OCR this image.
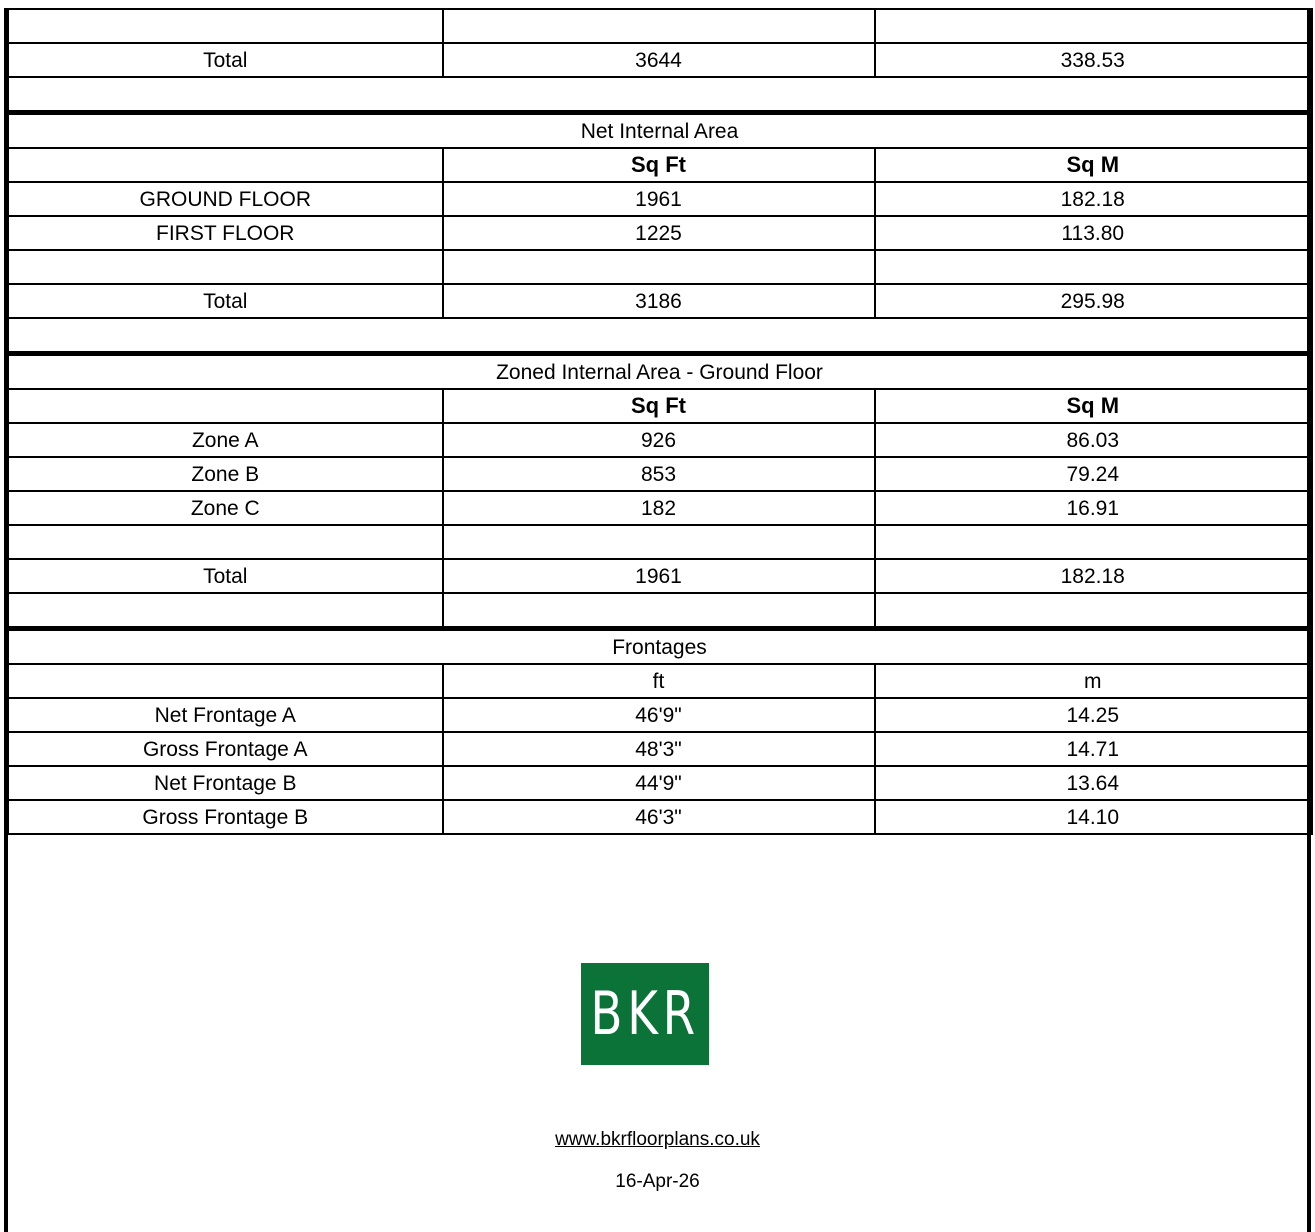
Total	3644	338.53

Net Internal Area		
	Sq Ft	Sq M
GROUND FLOOR	1961	182.18
FIRST FLOOR	1225	113.80

Total	3186	295.98

Zoned Internal Area - Ground Floor		
	Sq Ft	Sq M
Zone A	926	86.03
Zone B	853	79.24
Zone C	182	16.91

Total	1961	182.18

Frontages		
	ft	m
Net Frontage A	46'9"	14.25
Gross Frontage A	48'3"	14.71
Net Frontage B	44'9"	13.64
Gross Frontage B	46'3"	14.10
BKR
www.bkrfloorplans.co.uk
16-Apr-26
